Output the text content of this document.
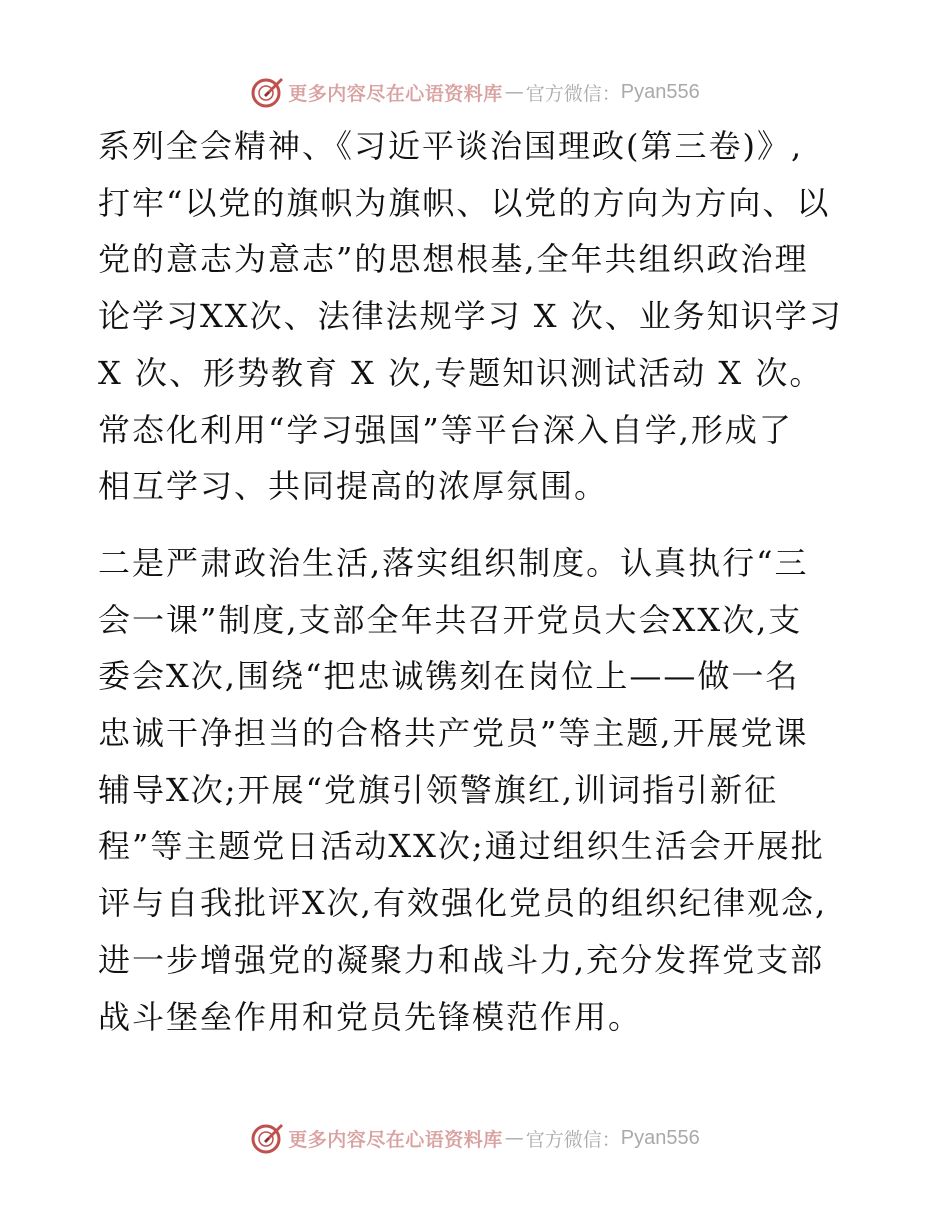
更多内容尽在心语资料库 — 官方微信： Pyan556

系列全会精神、《习近平谈治国理政(第三卷)》,
打牢“以党的旗帜为旗帜、以党的方向为方向、以
党的意志为意志”的思想根基,全年共组织政治理
论学习XX次、法律法规学习 X 次、业务知识学习
X 次、形势教育 X 次,专题知识测试活动 X 次。
常态化利用“学习强国”等平台深入自学,形成了
相互学习、共同提高的浓厚氛围。

二是严肃政治生活,落实组织制度。认真执行“三
会一课”制度,支部全年共召开党员大会XX次,支
委会X次,围绕“把忠诚镌刻在岗位上——做一名
忠诚干净担当的合格共产党员”等主题,开展党课
辅导X次;开展“党旗引领警旗红,训词指引新征
程”等主题党日活动XX次;通过组织生活会开展批
评与自我批评X次,有效强化党员的组织纪律观念,
进一步增强党的凝聚力和战斗力,充分发挥党支部
战斗堡垒作用和党员先锋模范作用。

更多内容尽在心语资料库 — 官方微信： Pyan556
